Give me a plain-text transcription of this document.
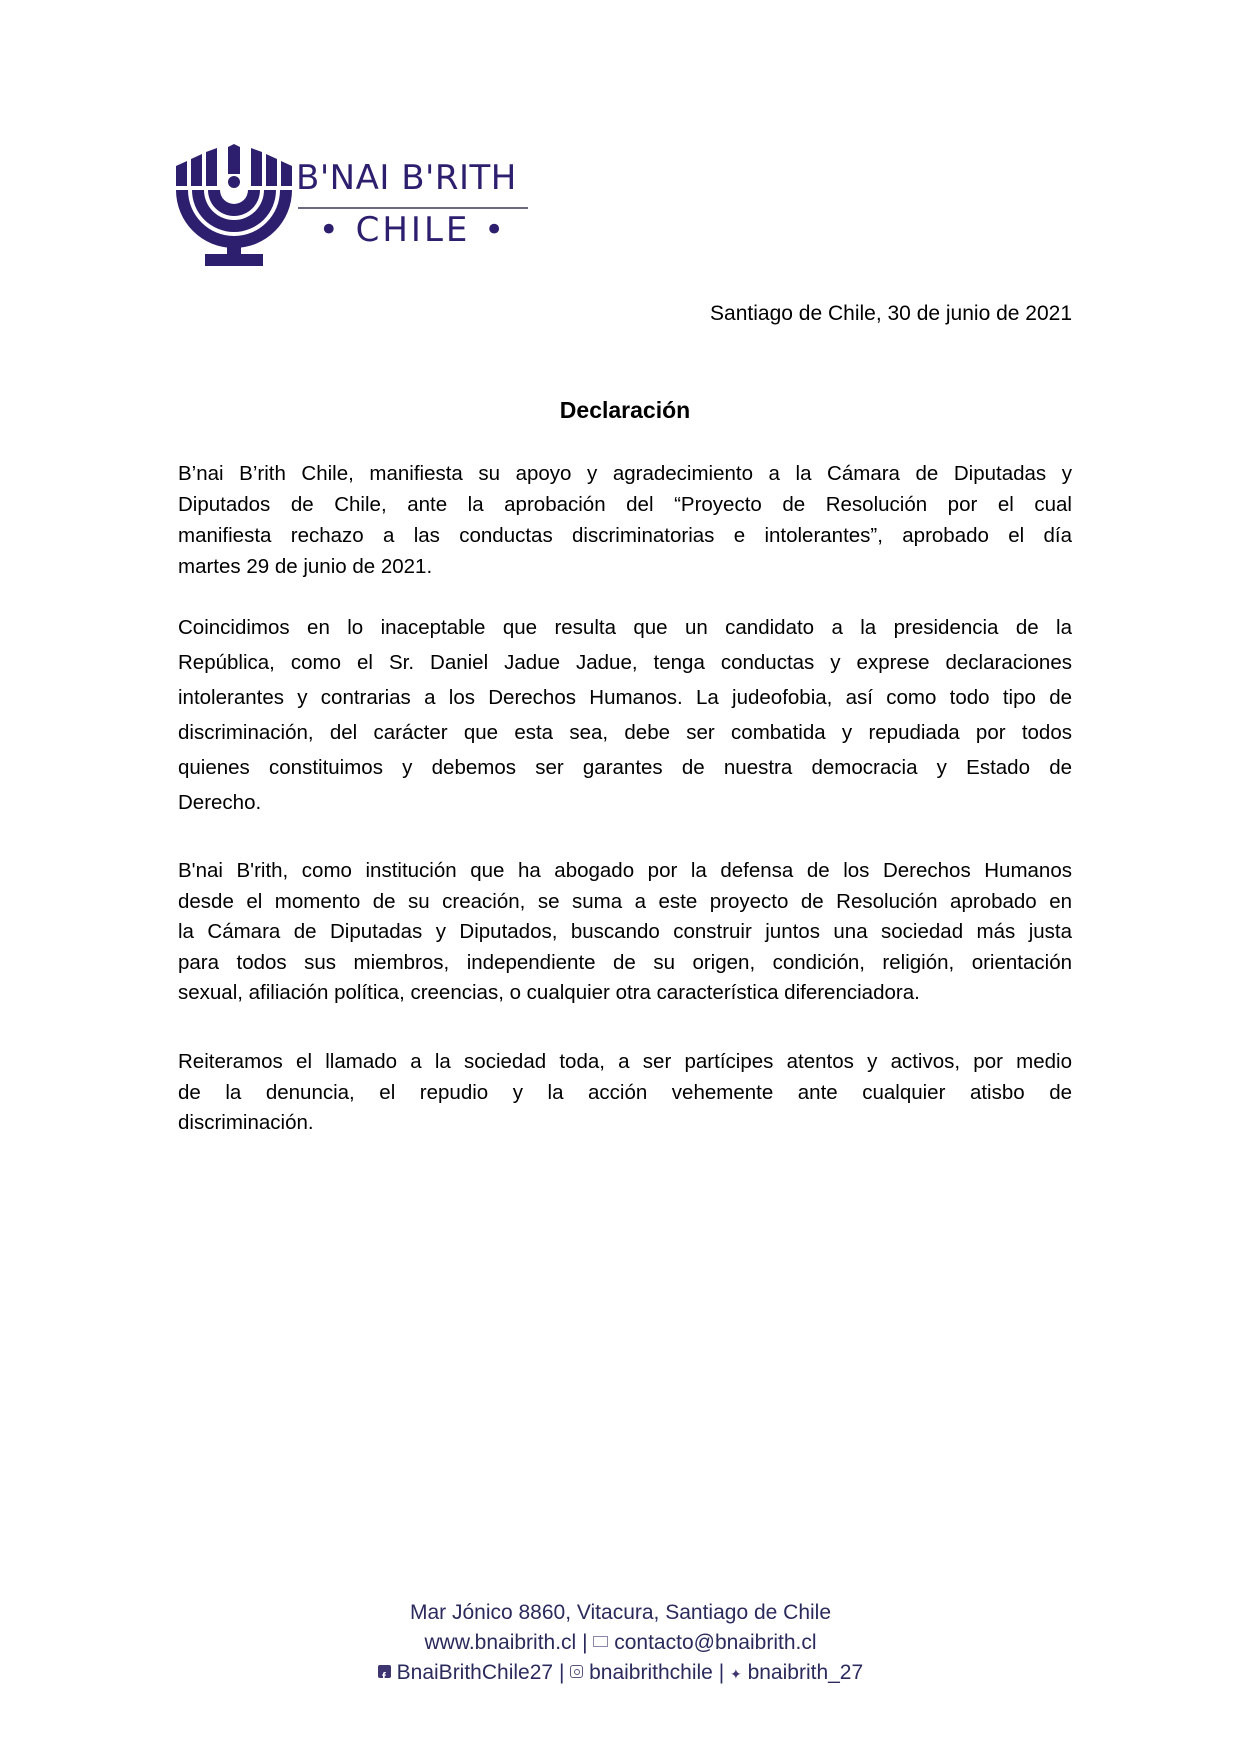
B'NAI B'RITH
• CHILE •
Santiago de Chile, 30 de junio de 2021
Declaración
B’nai B’rith Chile, manifiesta su apoyo y agradecimiento a la Cámara de Diputadas y
Diputados de Chile, ante la aprobación del “Proyecto de Resolución por el cual
manifiesta rechazo a las conductas discriminatorias e intolerantes”, aprobado el día
martes 29 de junio de 2021.
Coincidimos en lo inaceptable que resulta que un candidato a la presidencia de la
República, como el Sr. Daniel Jadue Jadue, tenga conductas y exprese declaraciones
intolerantes y contrarias a los Derechos Humanos. La judeofobia, así como todo tipo de
discriminación, del carácter que esta sea, debe ser combatida y repudiada por todos
quienes constituimos y debemos ser garantes de nuestra democracia y Estado de
Derecho.
B'nai B'rith, como institución que ha abogado por la defensa de los Derechos Humanos
desde el momento de su creación, se suma a este proyecto de Resolución aprobado en
la Cámara de Diputadas y Diputados, buscando construir juntos una sociedad más justa
para todos sus miembros, independiente de su origen, condición, religión, orientación
sexual, afiliación política, creencias, o cualquier otra característica diferenciadora.
Reiteramos el llamado a la sociedad toda, a ser partícipes atentos y activos, por medio
de la denuncia, el repudio y la acción vehemente ante cualquier atisbo de
discriminación.
Mar Jónico 8860, Vitacura, Santiago de Chile
www.bnaibrith.cl | contacto@bnaibrith.cl
f BnaiBrithChile27 | bnaibrithchile | ✦ bnaibrith_27
